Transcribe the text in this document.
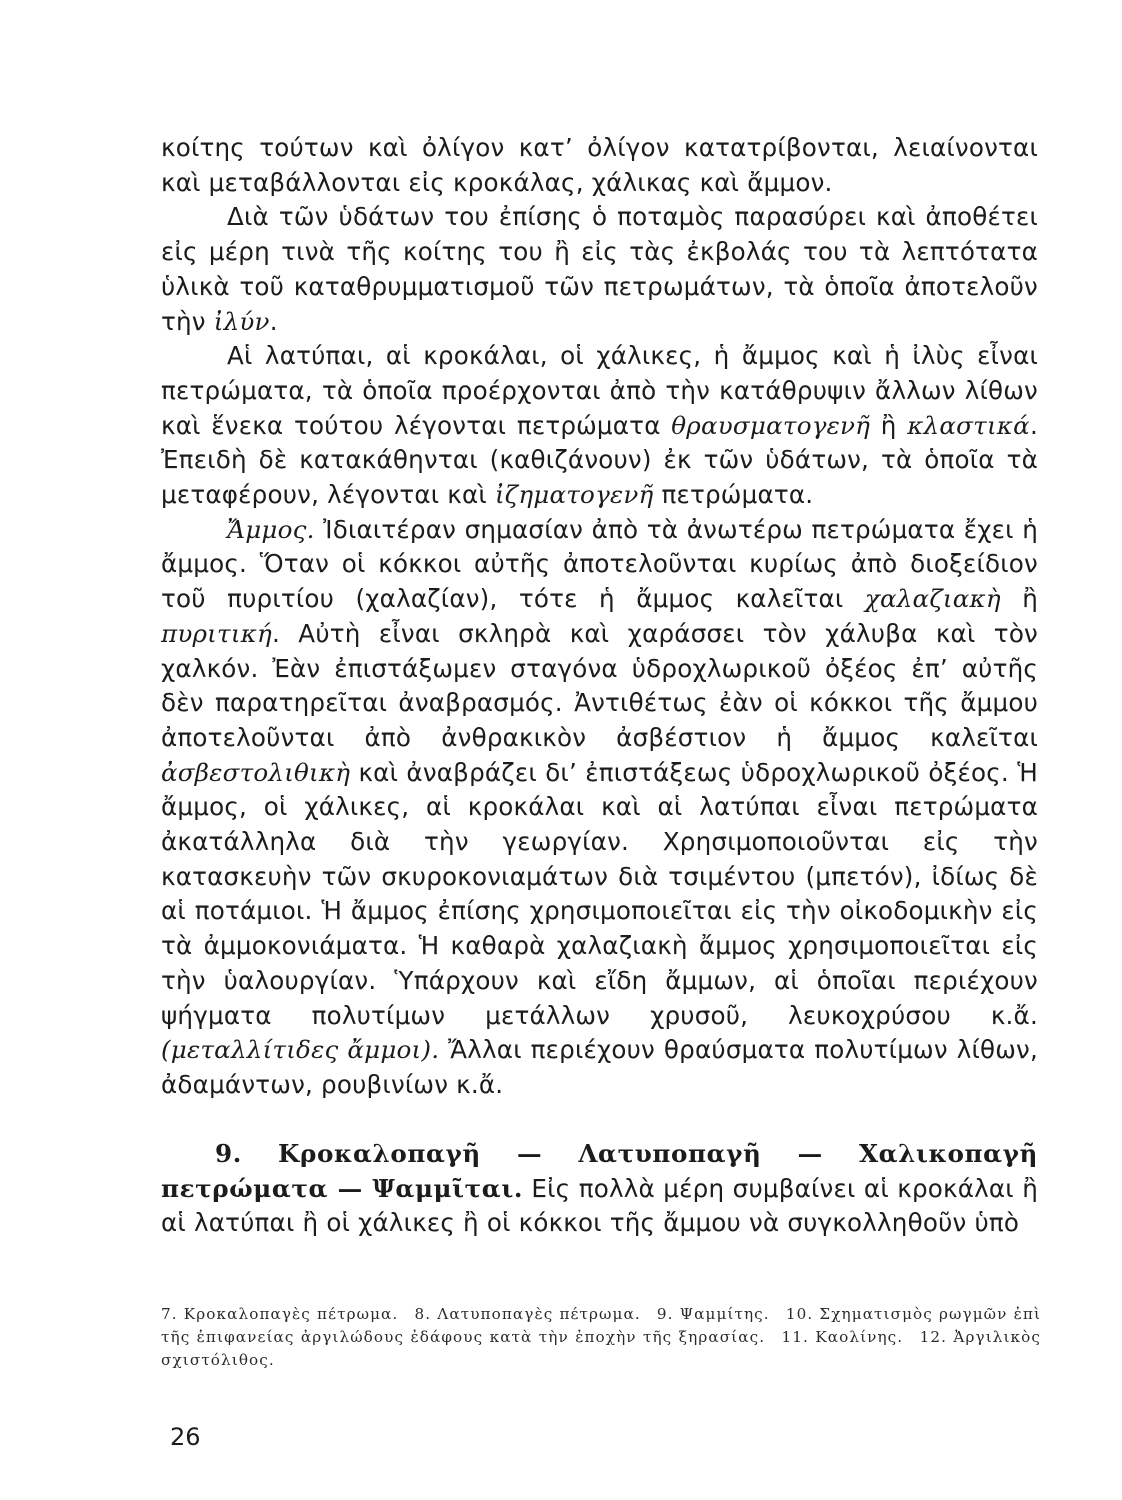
κοίτης τούτων καὶ ὀλίγον κατ’ ὀλίγον κατατρίβονται, λειαίνονται καὶ μεταβάλλονται εἰς κροκάλας, χάλικας καὶ ἄμμον.

Διὰ τῶν ὑδάτων του ἐπίσης ὁ ποταμὸς παρασύρει καὶ ἀποθέτει εἰς μέρη τινὰ τῆς κοίτης του ἢ εἰς τὰς ἐκβολάς του τὰ λεπτότατα ὑλικὰ τοῦ καταθρυμματισμοῦ τῶν πετρωμάτων, τὰ ὁποῖα ἀποτελοῦν τὴν ἰλύν.

Αἱ λατύπαι, αἱ κροκάλαι, οἱ χάλικες, ἡ ἄμμος καὶ ἡ ἰλὺς εἶναι πετρώματα, τὰ ὁποῖα προέρχονται ἀπὸ τὴν κατάθρυψιν ἄλλων λίθων καὶ ἕνεκα τούτου λέγονται πετρώματα θραυσματογενῆ ἢ κλαστικά. Ἐπειδὴ δὲ κατακάθηνται (καθιζάνουν) ἐκ τῶν ὑδάτων, τὰ ὁποῖα τὰ μεταφέρουν, λέγονται καὶ ἰζηματογενῆ πετρώματα.

Ἄμμος. Ἰδιαιτέραν σημασίαν ἀπὸ τὰ ἀνωτέρω πετρώματα ἔχει ἡ ἄμμος. Ὅταν οἱ κόκκοι αὐτῆς ἀποτελοῦνται κυρίως ἀπὸ διοξείδιον τοῦ πυριτίου (χαλαζίαν), τότε ἡ ἄμμος καλεῖται χαλαζιακὴ ἢ πυριτική. Αὐτὴ εἶναι σκληρὰ καὶ χαράσσει τὸν χάλυβα καὶ τὸν χαλκόν. Ἐὰν ἐπιστάξωμεν σταγόνα ὑδροχλωρικοῦ ὀξέος ἐπ’ αὐτῆς δὲν παρατηρεῖται ἀναβρασμός. Ἀντιθέτως ἐὰν οἱ κόκκοι τῆς ἄμμου ἀποτελοῦνται ἀπὸ ἀνθρακικὸν ἀσβέστιον ἡ ἄμμος καλεῖται ἀσβεστολιθικὴ καὶ ἀναβράζει δι’ ἐπιστάξεως ὑδροχλωρικοῦ ὀξέος. Ἡ ἄμμος, οἱ χάλικες, αἱ κροκάλαι καὶ αἱ λατύπαι εἶναι πετρώματα ἀκατάλληλα διὰ τὴν γεωργίαν. Χρησιμοποιοῦνται εἰς τὴν κατασκευὴν τῶν σκυροκονιαμάτων διὰ τσιμέντου (μπετόν), ἰδίως δὲ αἱ ποτάμιοι. Ἡ ἄμμος ἐπίσης χρησιμοποιεῖται εἰς τὴν οἰκοδομικὴν εἰς τὰ ἀμμοκονιάματα. Ἡ καθαρὰ χαλαζιακὴ ἄμμος χρησιμοποιεῖται εἰς τὴν ὑαλουργίαν. Ὑπάρχουν καὶ εἴδη ἄμμων, αἱ ὁποῖαι περιέχουν ψήγματα πολυτίμων μετάλλων χρυσοῦ, λευκοχρύσου κ.ἄ. (μεταλλίτιδες ἄμμοι). Ἄλλαι περιέχουν θραύσματα πολυτίμων λίθων, ἀδαμάντων, ρουβινίων κ.ἄ.

9. Κροκαλοπαγῆ — Λατυποπαγῆ — Χαλικοπαγῆ πετρώματα — Ψαμμῖται. Εἰς πολλὰ μέρη συμβαίνει αἱ κροκάλαι ἢ αἱ λατύπαι ἢ οἱ χάλικες ἢ οἱ κόκκοι τῆς ἄμμου νὰ συγκολληθοῦν ὑπὸ

7. Κροκαλοπαγὲς πέτρωμα. 8. Λατυποπαγὲς πέτρωμα. 9. Ψαμμίτης. 10. Σχηματισμὸς ρωγμῶν ἐπὶ τῆς ἐπιφανείας ἀργιλώδους ἐδάφους κατὰ τὴν ἐποχὴν τῆς ξηρασίας. 11. Καολίνης. 12. Ἀργιλικὸς σχιστόλιθος.
26
